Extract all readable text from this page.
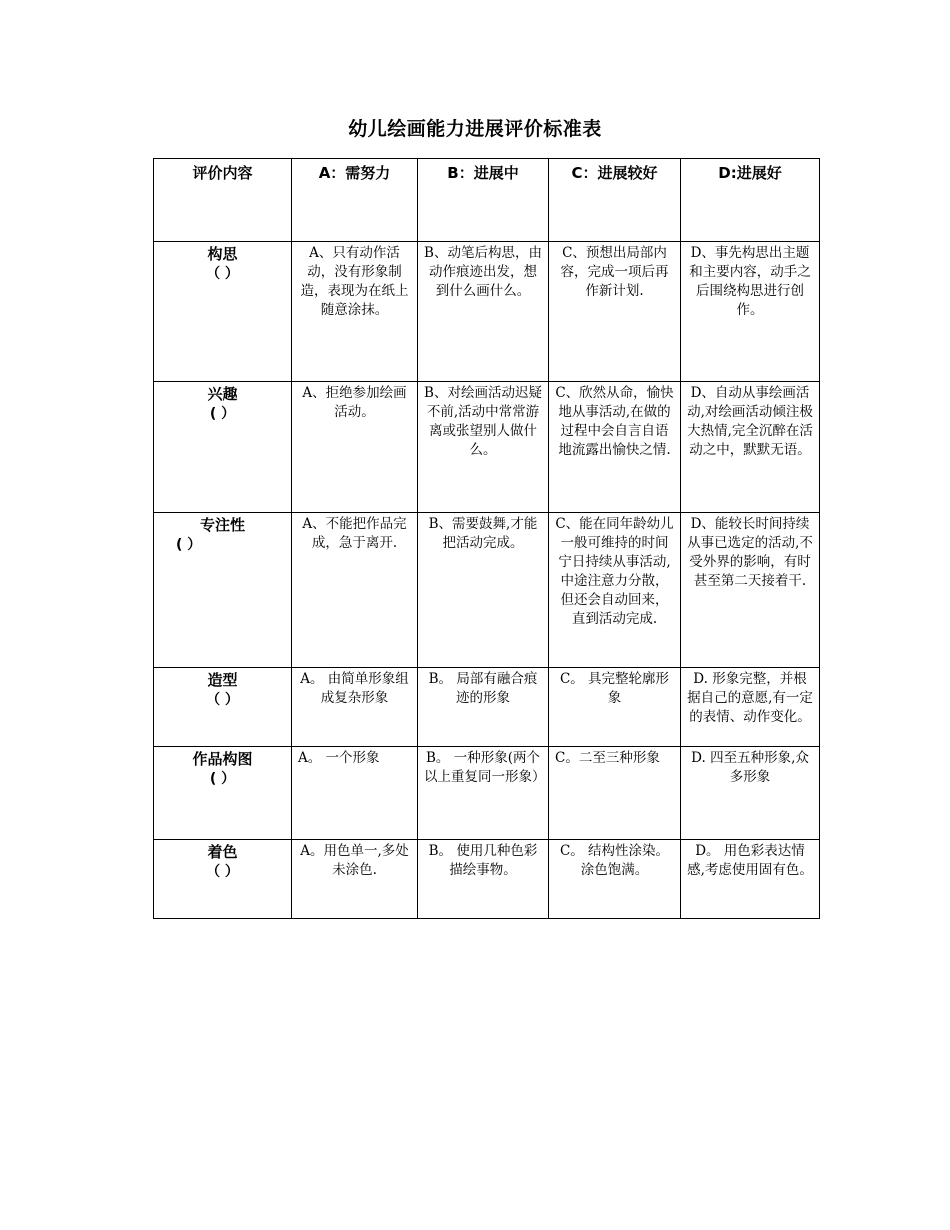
幼儿绘画能力进展评价标准表
评价内容	A：需努力	B：进展中	C：进展较好	D:进展好

构思
（ ）	A、只有动作活动，没有形象制造，表现为在纸上随意涂抹。	B、动笔后构思，由动作痕迹出发，想到什么画什么。	C、预想出局部内容，完成一项后再作新计划.	D、事先构思出主题和主要内容，动手之后围绕构思进行创作。

兴趣
( ）	A、拒绝参加绘画活动。	B、对绘画活动迟疑不前,活动中常常游离或张望别人做什么。	C、欣然从命，愉快地从事活动,在做的过程中会自言自语地流露出愉快之情.	D、自动从事绘画活动,对绘画活动倾注极大热情,完全沉醉在活动之中，默默无语。

专注性
( ）	A、不能把作品完成，急于离开.	B、需要鼓舞,才能把活动完成。	C、能在同年龄幼儿一般可维持的时间宁日持续从事活动,中途注意力分散，但还会自动回来，直到活动完成.	D、能较长时间持续从事已选定的活动,不受外界的影响，有时甚至第二天接着干.

造型
（ ）	A。 由简单形象组成复杂形象	B。 局部有融合痕迹的形象	C。 具完整轮廓形象	D. 形象完整，并根据自己的意愿,有一定的表情、动作变化。

作品构图
( ）	A。 一个形象	B。 一种形象(两个以上重复同一形象）	C。二至三种形象	D. 四至五种形象,众多形象

着色
（ ）	A。用色单一,多处未涂色.	B。 使用几种色彩描绘事物。	C。 结构性涂染。涂色饱满。	D。 用色彩表达情感,考虑使用固有色。
